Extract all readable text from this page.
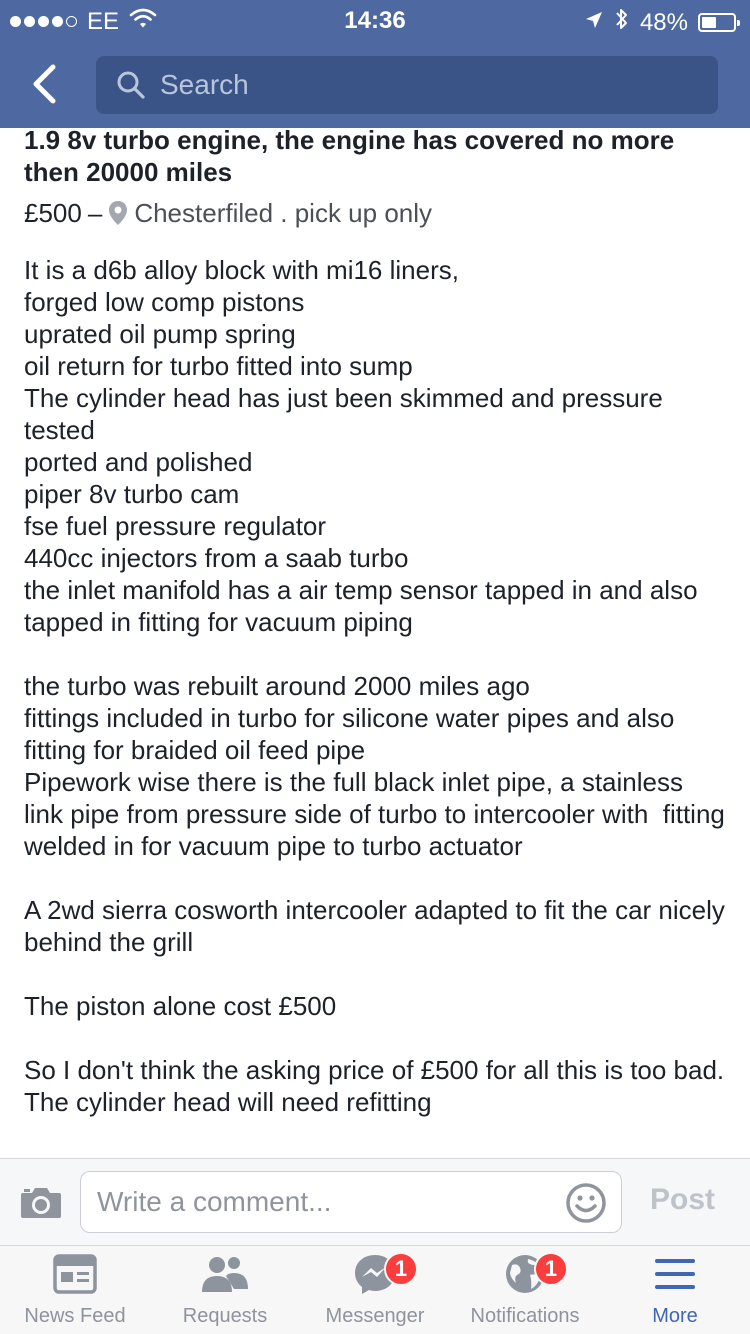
EE	14:36	48%
Search
1.9 8v turbo engine, the engine has covered no more then 20000 miles
£500 – Chesterfiled . pick up only
It is a d6b alloy block with mi16 liners,
forged low comp pistons
uprated oil pump spring
oil return for turbo fitted into sump
The cylinder head has just been skimmed and pressure tested
ported and polished
piper 8v turbo cam
fse fuel pressure regulator
440cc injectors from a saab turbo
the inlet manifold has a air temp sensor tapped in and also tapped in fitting for vacuum piping

the turbo was rebuilt around 2000 miles ago
fittings included in turbo for silicone water pipes and also fitting for braided oil feed pipe
Pipework wise there is the full black inlet pipe, a stainless link pipe from pressure side of turbo to intercooler with  fitting welded in for vacuum pipe to turbo actuator

A 2wd sierra cosworth intercooler adapted to fit the car nicely behind the grill

The piston alone cost £500

So I don't think the asking price of £500 for all this is too bad.
The cylinder head will need refitting
Write a comment...
Post
News Feed	Requests	Messenger
1
Notifications
1
More
